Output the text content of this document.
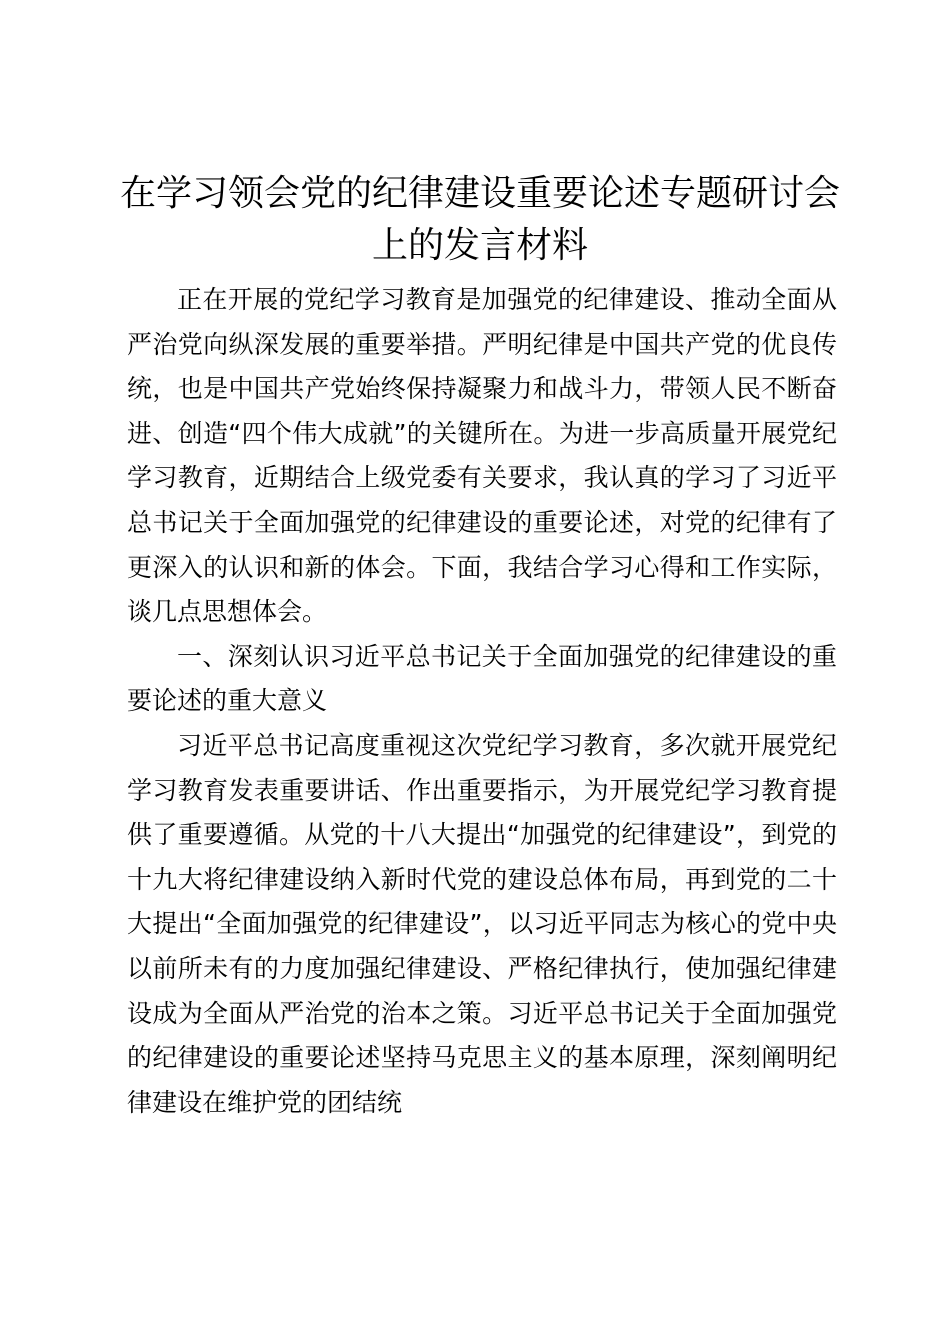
在学习领会党的纪律建设重要论述专题研讨会
上的发言材料

正在开展的党纪学习教育是加强党的纪律建设、推动全面从严治党向纵深发展的重要举措。严明纪律是中国共产党的优良传统，也是中国共产党始终保持凝聚力和战斗力，带领人民不断奋进、创造“四个伟大成就”的关键所在。为进一步高质量开展党纪学习教育，近期结合上级党委有关要求，我认真的学习了习近平总书记关于全面加强党的纪律建设的重要论述，对党的纪律有了更深入的认识和新的体会。下面，我结合学习心得和工作实际，谈几点思想体会。

一、深刻认识习近平总书记关于全面加强党的纪律建设的重要论述的重大意义

习近平总书记高度重视这次党纪学习教育，多次就开展党纪学习教育发表重要讲话、作出重要指示，为开展党纪学习教育提供了重要遵循。从党的十八大提出“加强党的纪律建设”，到党的十九大将纪律建设纳入新时代党的建设总体布局，再到党的二十大提出“全面加强党的纪律建设”，以习近平同志为核心的党中央以前所未有的力度加强纪律建设、严格纪律执行，使加强纪律建设成为全面从严治党的治本之策。习近平总书记关于全面加强党的纪律建设的重要论述坚持马克思主义的基本原理，深刻阐明纪律建设在维护党的团结统
